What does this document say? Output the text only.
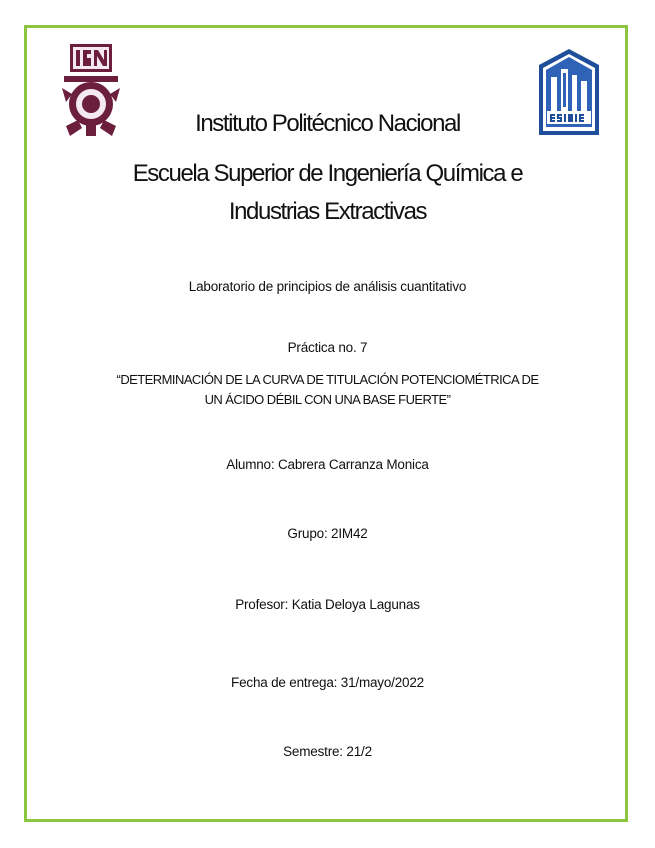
Instituto Politécnico Nacional
Escuela Superior de Ingeniería Química e
Industrias Extractivas
Laboratorio de principios de análisis cuantitativo
Práctica no. 7
“DETERMINACIÓN DE LA CURVA DE TITULACIÓN POTENCIOMÉTRICA DE
UN ÁCIDO DÉBIL CON UNA BASE FUERTE”
Alumno: Cabrera Carranza Monica
Grupo: 2IM42
Profesor: Katia Deloya Lagunas
Fecha de entrega: 31/mayo/2022
Semestre: 21/2
